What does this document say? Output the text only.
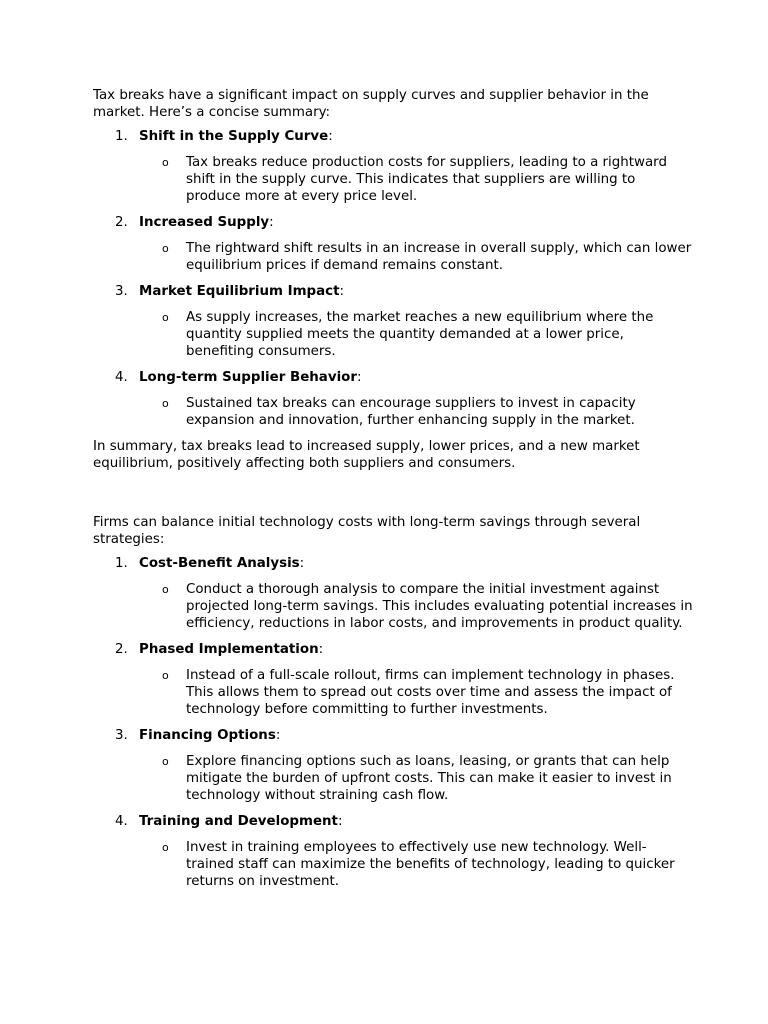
Tax breaks have a significant impact on supply curves and supplier behavior in the market. Here’s a concise summary:

1. Shift in the Supply Curve:
o Tax breaks reduce production costs for suppliers, leading to a rightward shift in the supply curve. This indicates that suppliers are willing to produce more at every price level.
2. Increased Supply:
o The rightward shift results in an increase in overall supply, which can lower equilibrium prices if demand remains constant.
3. Market Equilibrium Impact:
o As supply increases, the market reaches a new equilibrium where the quantity supplied meets the quantity demanded at a lower price, benefiting consumers.
4. Long-term Supplier Behavior:
o Sustained tax breaks can encourage suppliers to invest in capacity expansion and innovation, further enhancing supply in the market.

In summary, tax breaks lead to increased supply, lower prices, and a new market equilibrium, positively affecting both suppliers and consumers.

Firms can balance initial technology costs with long-term savings through several strategies:

1. Cost-Benefit Analysis:
o Conduct a thorough analysis to compare the initial investment against projected long-term savings. This includes evaluating potential increases in efficiency, reductions in labor costs, and improvements in product quality.
2. Phased Implementation:
o Instead of a full-scale rollout, firms can implement technology in phases. This allows them to spread out costs over time and assess the impact of technology before committing to further investments.
3. Financing Options:
o Explore financing options such as loans, leasing, or grants that can help mitigate the burden of upfront costs. This can make it easier to invest in technology without straining cash flow.
4. Training and Development:
o Invest in training employees to effectively use new technology. Well-trained staff can maximize the benefits of technology, leading to quicker returns on investment.
